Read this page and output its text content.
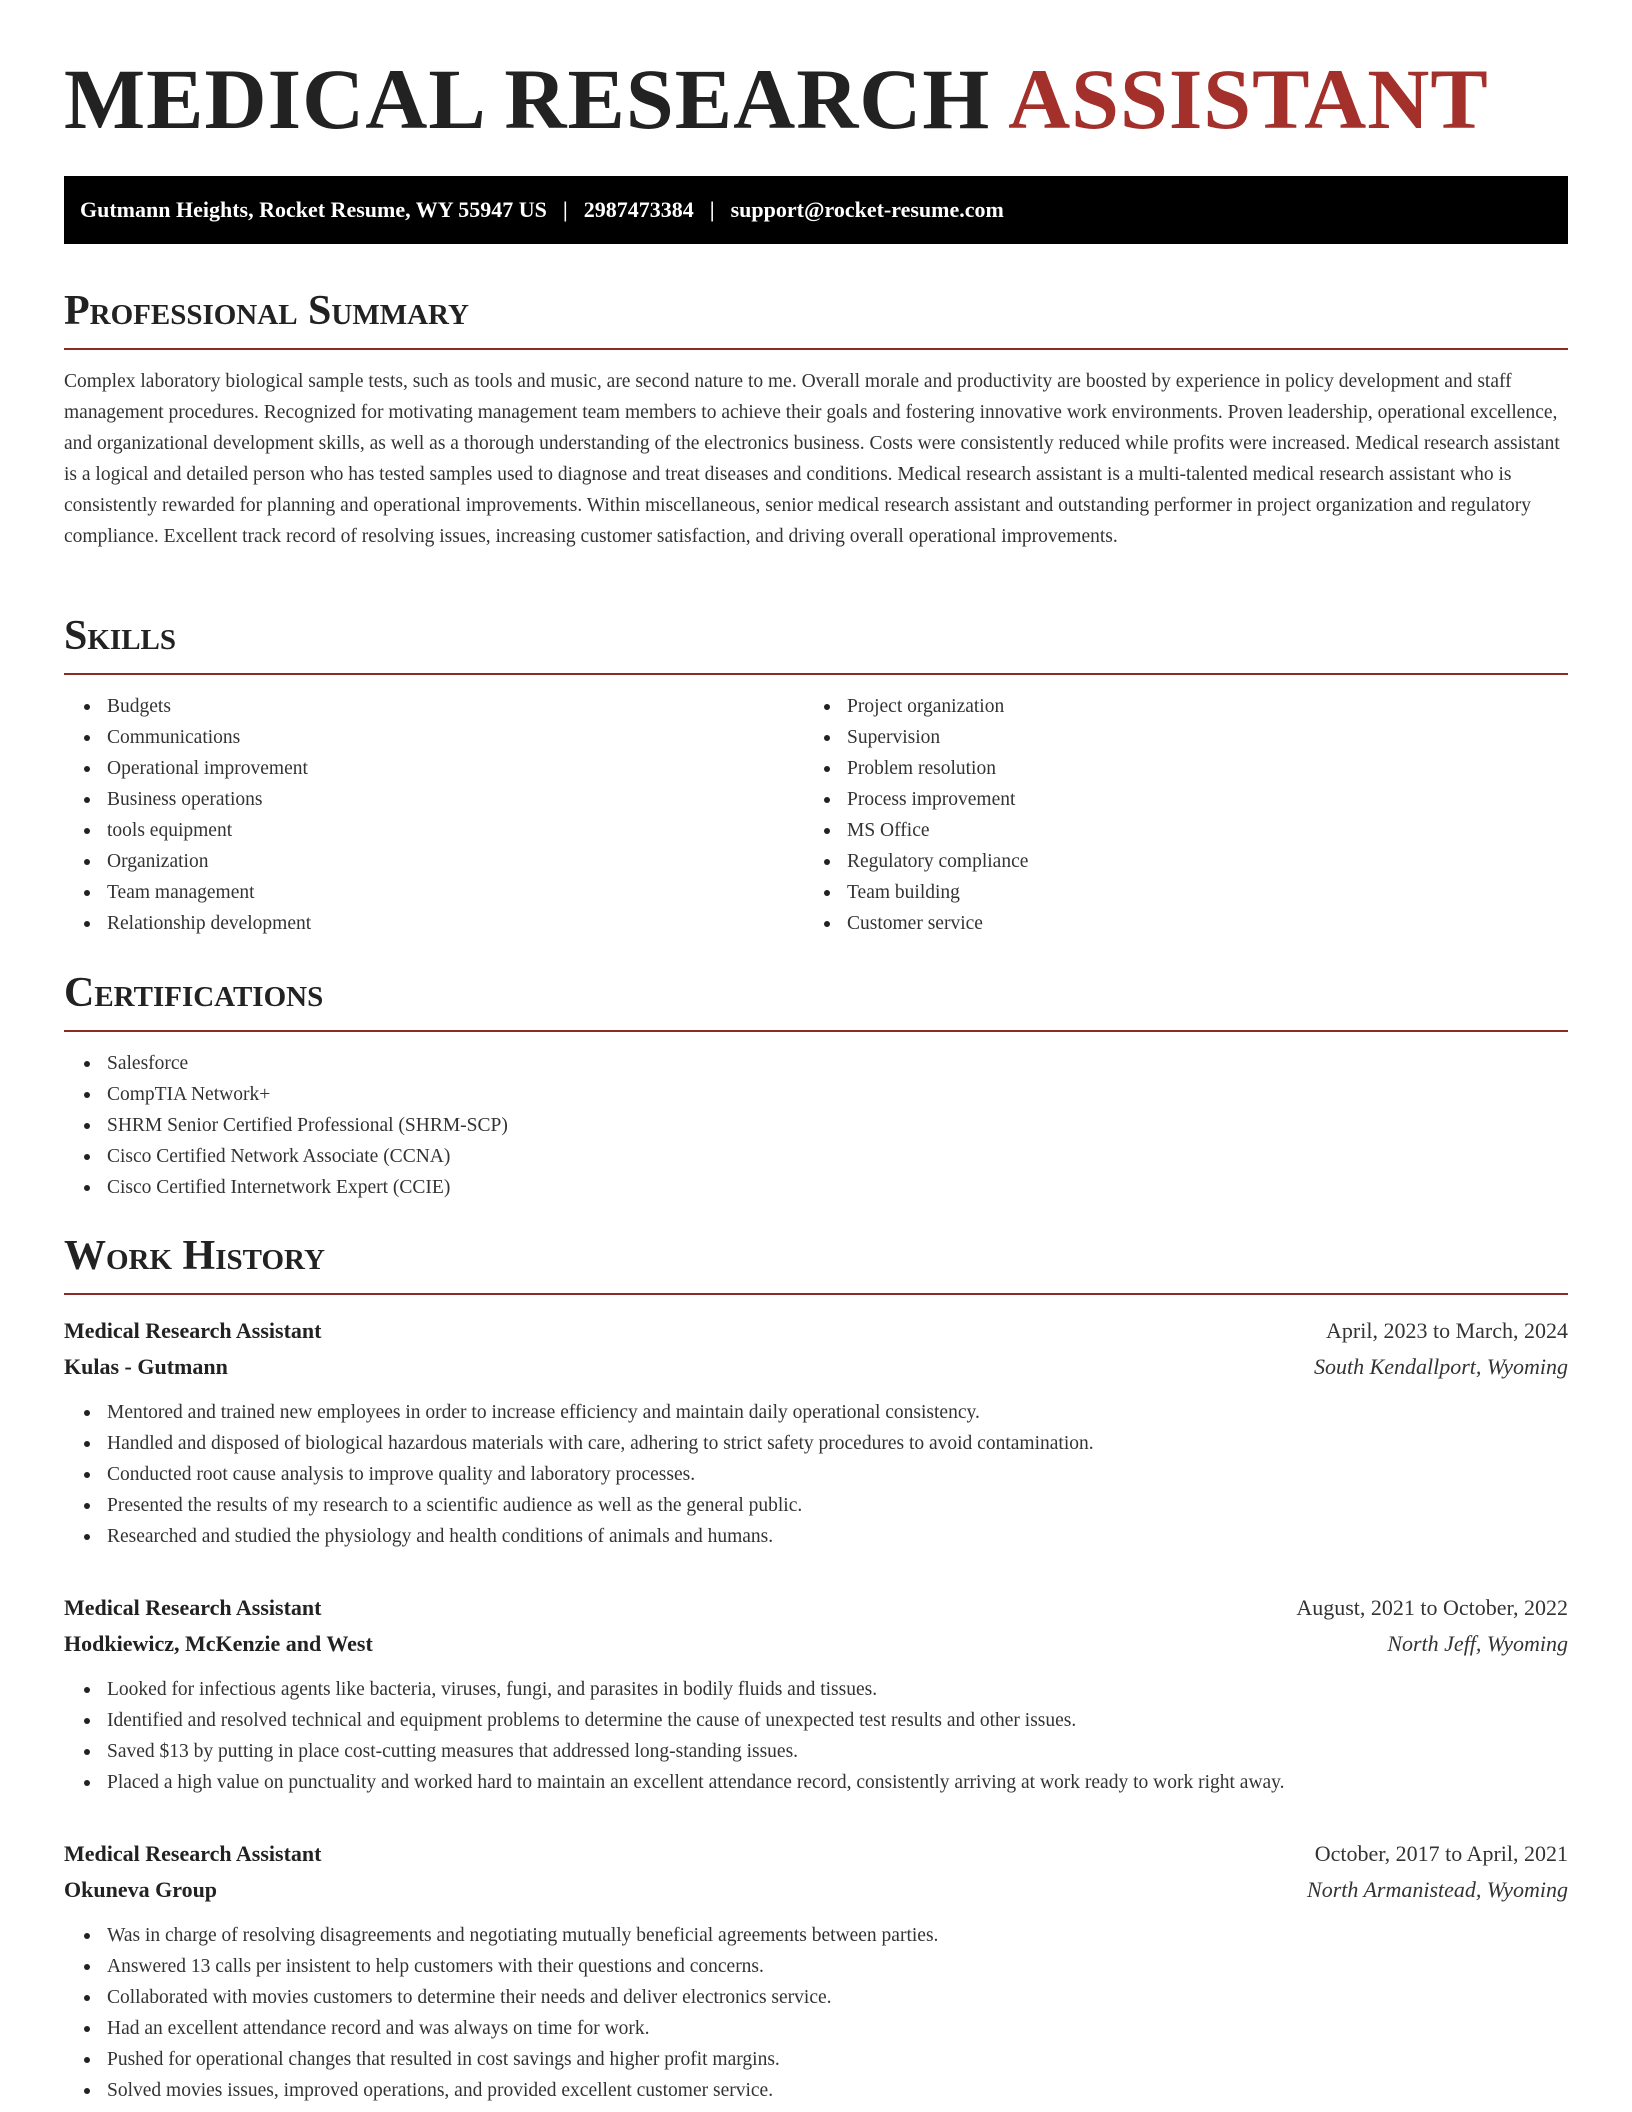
MEDICAL RESEARCH ASSISTANT
Gutmann Heights, Rocket Resume, WY 55947 US | 2987473384 | support@rocket-resume.com
Professional Summary

Complex laboratory biological sample tests, such as tools and music, are second nature to me. Overall morale and productivity are boosted by experience in policy development and staff management procedures. Recognized for motivating management team members to achieve their goals and fostering innovative work environments. Proven leadership, operational excellence, and organizational development skills, as well as a thorough understanding of the electronics business. Costs were consistently reduced while profits were increased. Medical research assistant is a logical and detailed person who has tested samples used to diagnose and treat diseases and conditions. Medical research assistant is a multi-talented medical research assistant who is consistently rewarded for planning and operational improvements. Within miscellaneous, senior medical research assistant and outstanding performer in project organization and regulatory compliance. Excellent track record of resolving issues, increasing customer satisfaction, and driving overall operational improvements.

Skills
Budgets
Communications
Operational improvement
Business operations
tools equipment
Organization
Team management
Relationship development
Project organization
Supervision
Problem resolution
Process improvement
MS Office
Regulatory compliance
Team building
Customer service
Certifications
Salesforce
CompTIA Network+
SHRM Senior Certified Professional (SHRM-SCP)
Cisco Certified Network Associate (CCNA)
Cisco Certified Internetwork Expert (CCIE)
Work History
Medical Research Assistant	April, 2023 to March, 2024
Kulas - Gutmann	South Kendallport, Wyoming
Mentored and trained new employees in order to increase efficiency and maintain daily operational consistency.
Handled and disposed of biological hazardous materials with care, adhering to strict safety procedures to avoid contamination.
Conducted root cause analysis to improve quality and laboratory processes.
Presented the results of my research to a scientific audience as well as the general public.
Researched and studied the physiology and health conditions of animals and humans.
Medical Research Assistant	August, 2021 to October, 2022
Hodkiewicz, McKenzie and West	North Jeff, Wyoming
Looked for infectious agents like bacteria, viruses, fungi, and parasites in bodily fluids and tissues.
Identified and resolved technical and equipment problems to determine the cause of unexpected test results and other issues.
Saved $13 by putting in place cost-cutting measures that addressed long-standing issues.
Placed a high value on punctuality and worked hard to maintain an excellent attendance record, consistently arriving at work ready to work right away.
Medical Research Assistant	October, 2017 to April, 2021
Okuneva Group	North Armanistead, Wyoming
Was in charge of resolving disagreements and negotiating mutually beneficial agreements between parties.
Answered 13 calls per insistent to help customers with their questions and concerns.
Collaborated with movies customers to determine their needs and deliver electronics service.
Had an excellent attendance record and was always on time for work.
Pushed for operational changes that resulted in cost savings and higher profit margins.
Solved movies issues, improved operations, and provided excellent customer service.
